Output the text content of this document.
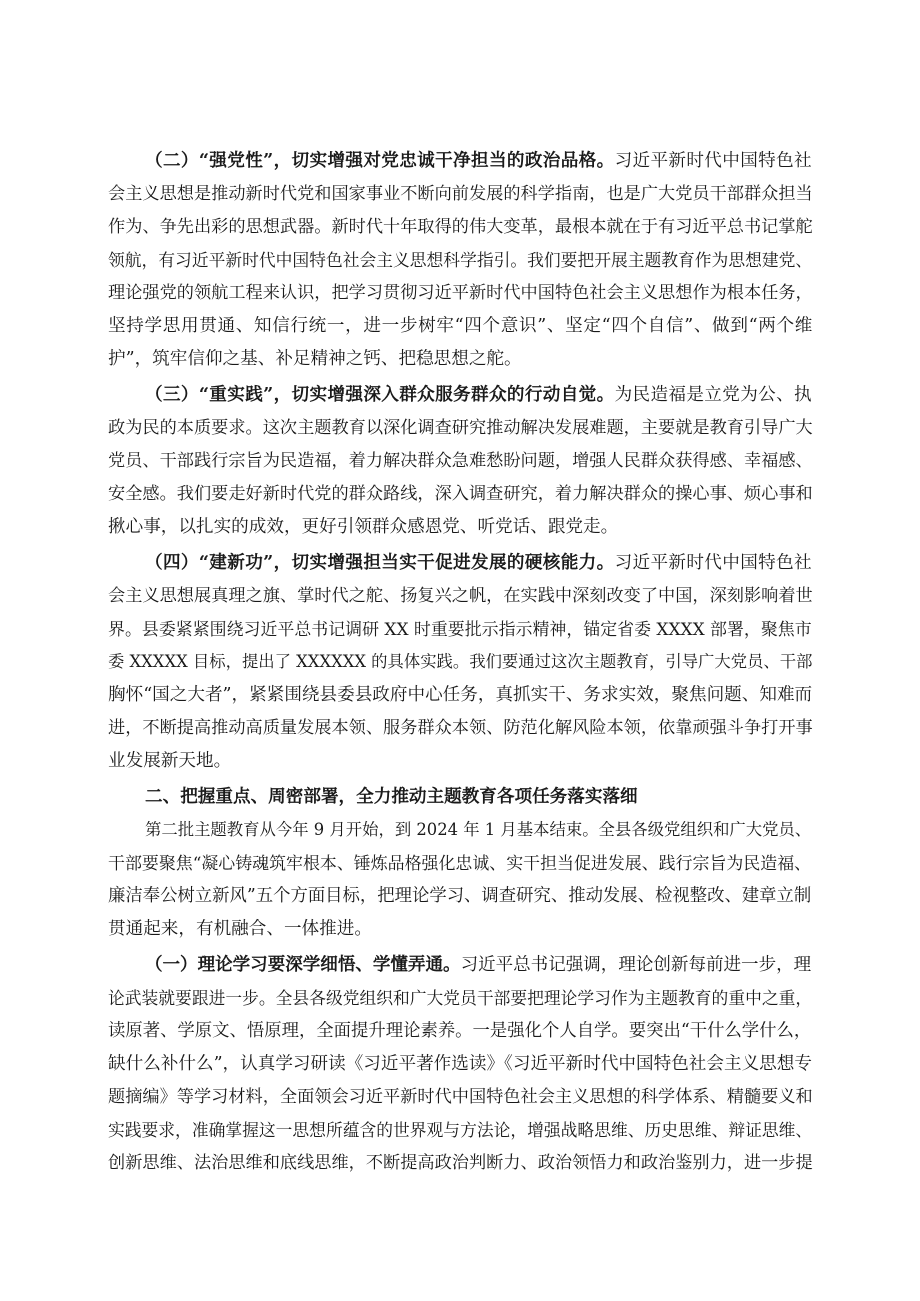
（二）“强党性”，切实增强对党忠诚干净担当的政治品格。习近平新时代中国特色社
会主义思想是推动新时代党和国家事业不断向前发展的科学指南，也是广大党员干部群众担当
作为、争先出彩的思想武器。新时代十年取得的伟大变革，最根本就在于有习近平总书记掌舵
领航，有习近平新时代中国特色社会主义思想科学指引。我们要把开展主题教育作为思想建党、
理论强党的领航工程来认识，把学习贯彻习近平新时代中国特色社会主义思想作为根本任务，
坚持学思用贯通、知信行统一，进一步树牢“四个意识”、坚定“四个自信”、做到“两个维
护”，筑牢信仰之基、补足精神之钙、把稳思想之舵。
（三）“重实践”，切实增强深入群众服务群众的行动自觉。为民造福是立党为公、执
政为民的本质要求。这次主题教育以深化调查研究推动解决发展难题，主要就是教育引导广大
党员、干部践行宗旨为民造福，着力解决群众急难愁盼问题，增强人民群众获得感、幸福感、
安全感。我们要走好新时代党的群众路线，深入调查研究，着力解决群众的操心事、烦心事和
揪心事，以扎实的成效，更好引领群众感恩党、听党话、跟党走。
（四）“建新功”，切实增强担当实干促进发展的硬核能力。习近平新时代中国特色社
会主义思想展真理之旗、掌时代之舵、扬复兴之帆，在实践中深刻改变了中国，深刻影响着世
界。县委紧紧围绕习近平总书记调研 XX 时重要批示指示精神，锚定省委 XXXX 部署，聚焦市
委 XXXXX 目标，提出了 XXXXXX 的具体实践。我们要通过这次主题教育，引导广大党员、干部
胸怀“国之大者”，紧紧围绕县委县政府中心任务，真抓实干、务求实效，聚焦问题、知难而
进，不断提高推动高质量发展本领、服务群众本领、防范化解风险本领，依靠顽强斗争打开事
业发展新天地。
二、把握重点、周密部署，全力推动主题教育各项任务落实落细
第二批主题教育从今年 9 月开始，到 2024 年 1 月基本结束。全县各级党组织和广大党员、
干部要聚焦“凝心铸魂筑牢根本、锤炼品格强化忠诚、实干担当促进发展、践行宗旨为民造福、
廉洁奉公树立新风”五个方面目标，把理论学习、调查研究、推动发展、检视整改、建章立制
贯通起来，有机融合、一体推进。
（一）理论学习要深学细悟、学懂弄通。习近平总书记强调，理论创新每前进一步，理
论武装就要跟进一步。全县各级党组织和广大党员干部要把理论学习作为主题教育的重中之重，
读原著、学原文、悟原理，全面提升理论素养。一是强化个人自学。要突出“干什么学什么，
缺什么补什么”，认真学习研读《习近平著作选读》《习近平新时代中国特色社会主义思想专
题摘编》等学习材料，全面领会习近平新时代中国特色社会主义思想的科学体系、精髓要义和
实践要求，准确掌握这一思想所蕴含的世界观与方法论，增强战略思维、历史思维、辩证思维、
创新思维、法治思维和底线思维，不断提高政治判断力、政治领悟力和政治鉴别力，进一步提
